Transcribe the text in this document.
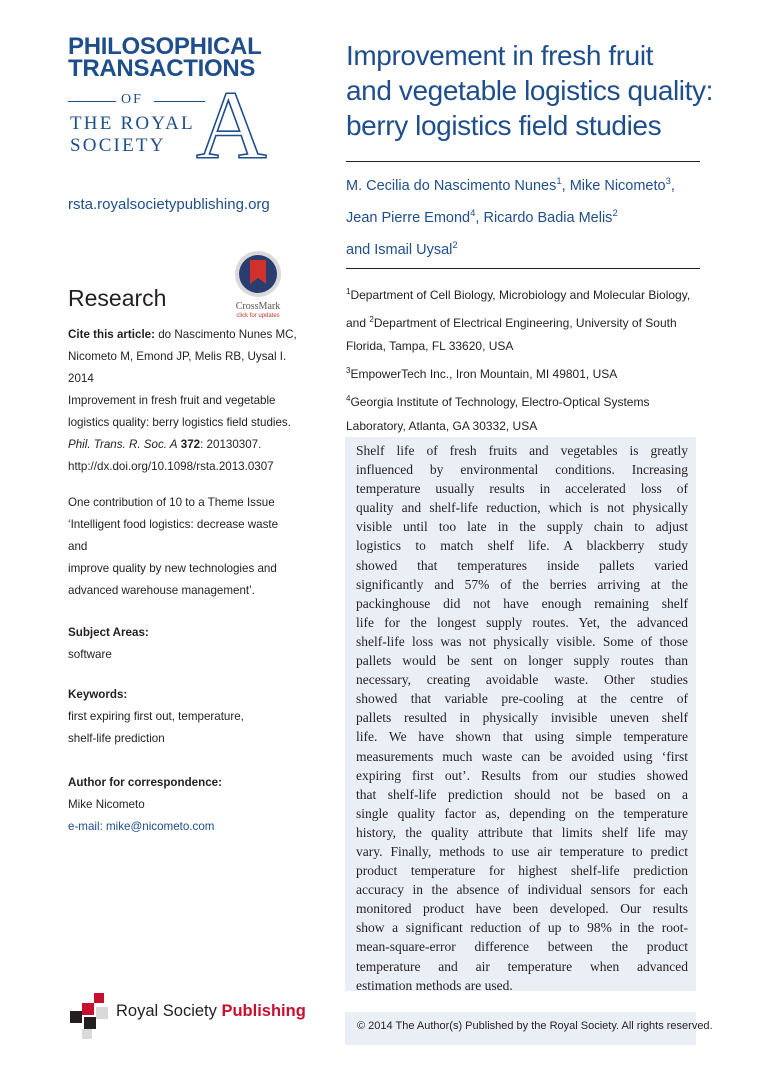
PHILOSOPHICAL
TRANSACTIONS
OF
THE ROYAL
SOCIETY A
rsta.royalsocietypublishing.org
Research	CrossMark
click for updates
Cite this article: do Nascimento Nunes MC,
Nicometo M, Emond JP, Melis RB, Uysal I. 2014
Improvement in fresh fruit and vegetable
logistics quality: berry logistics field studies.
Phil. Trans. R. Soc. A 372: 20130307.
http://dx.doi.org/10.1098/rsta.2013.0307
One contribution of 10 to a Theme Issue
‘Intelligent food logistics: decrease waste and
improve quality by new technologies and
advanced warehouse management’.
Subject Areas:
software
Keywords:
first expiring first out, temperature,
shelf-life prediction
Author for correspondence:
Mike Nicometo
e-mail: mike@nicometo.com
Improvement in fresh fruit
and vegetable logistics quality:
berry logistics field studies
M. Cecilia do Nascimento Nunes$^1$, Mike Nicometo$^3$,
Jean Pierre Emond$^4$, Ricardo Badia Melis$^2$
and Ismail Uysal$^2$
$^1$Department of Cell Biology, Microbiology and Molecular Biology,
and $^2$Department of Electrical Engineering, University of South
Florida, Tampa, FL 33620, USA
$^3$EmpowerTech Inc., Iron Mountain, MI 49801, USA
$^4$Georgia Institute of Technology, Electro-Optical Systems
Laboratory, Atlanta, GA 30332, USA
Shelf life of fresh fruits and vegetables is greatly
influenced by environmental conditions. Increasing
temperature usually results in accelerated loss of
quality and shelf-life reduction, which is not physically
visible until too late in the supply chain to adjust
logistics to match shelf life. A blackberry study
showed that temperatures inside pallets varied
significantly and 57% of the berries arriving at the
packinghouse did not have enough remaining shelf
life for the longest supply routes. Yet, the advanced
shelf-life loss was not physically visible. Some of those
pallets would be sent on longer supply routes than
necessary, creating avoidable waste. Other studies
showed that variable pre-cooling at the centre of
pallets resulted in physically invisible uneven shelf
life. We have shown that using simple temperature
measurements much waste can be avoided using ‘first
expiring first out’. Results from our studies showed
that shelf-life prediction should not be based on a
single quality factor as, depending on the temperature
history, the quality attribute that limits shelf life may
vary. Finally, methods to use air temperature to predict
product temperature for highest shelf-life prediction
accuracy in the absence of individual sensors for each
monitored product have been developed. Our results
show a significant reduction of up to 98% in the root-
mean-square-error difference between the product
temperature and air temperature when advanced
estimation methods are used.
© 2014 The Author(s) Published by the Royal Society. All rights reserved.
Royal Society Publishing
